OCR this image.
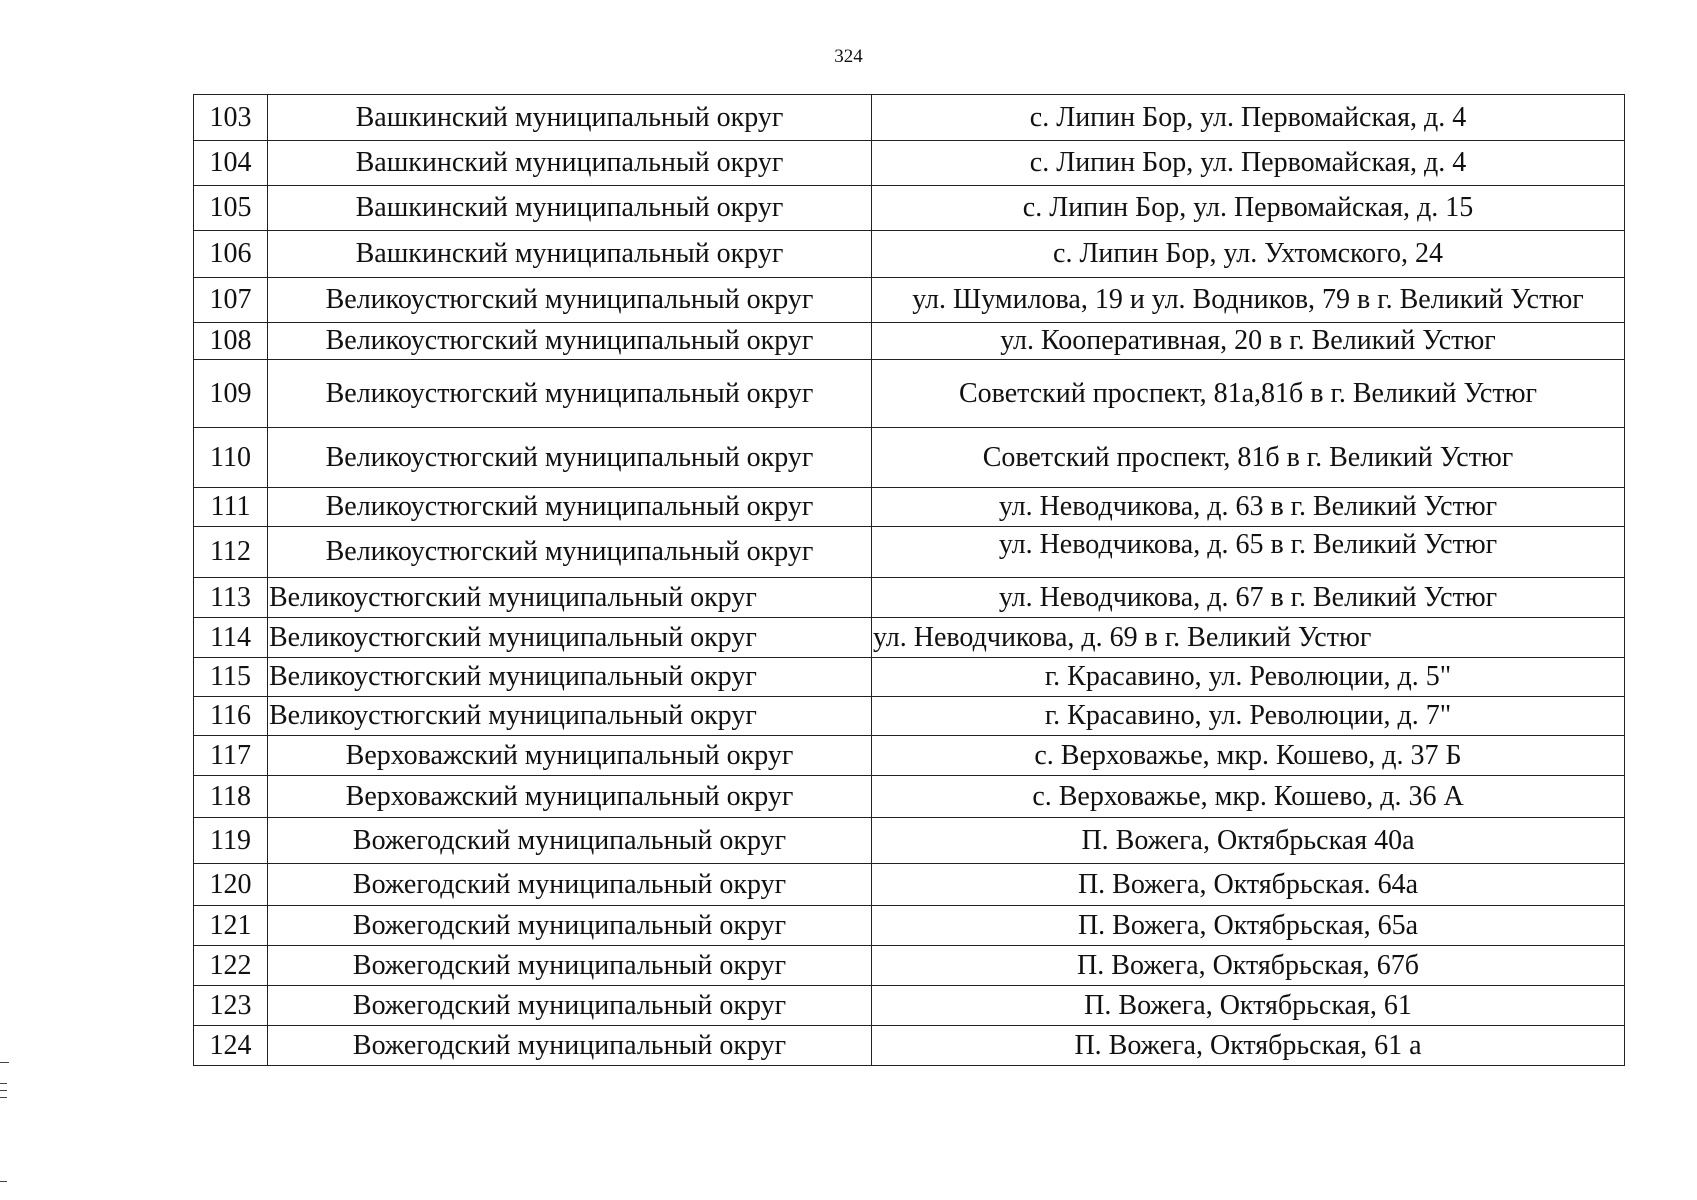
324
103	Вашкинский муниципальный округ	с. Липин Бор, ул. Первомайская, д. 4
104	Вашкинский муниципальный округ	с. Липин Бор, ул. Первомайская, д. 4
105	Вашкинский муниципальный округ	с. Липин Бор, ул. Первомайская, д. 15
106	Вашкинский муниципальный округ	с. Липин Бор, ул. Ухтомского, 24
107	Великоустюгский муниципальный округ	ул. Шумилова, 19 и ул. Водников, 79 в г. Великий Устюг
108	Великоустюгский муниципальный округ	ул. Кооперативная, 20 в г. Великий Устюг
109	Великоустюгский муниципальный округ	Советский проспект, 81а,81б в г. Великий Устюг
110	Великоустюгский муниципальный округ	Советский проспект, 81б в г. Великий Устюг
111	Великоустюгский муниципальный округ	ул. Неводчикова, д. 63 в г. Великий Устюг
112	Великоустюгский муниципальный округ	ул. Неводчикова, д. 65 в г. Великий Устюг
113	Великоустюгский муниципальный округ	ул. Неводчикова, д. 67 в г. Великий Устюг
114	Великоустюгский муниципальный округ	ул. Неводчикова, д. 69 в г. Великий Устюг
115	Великоустюгский муниципальный округ	г. Красавино, ул. Революции, д. 5"
116	Великоустюгский муниципальный округ	г. Красавино, ул. Революции, д. 7"
117	Верховажский муниципальный округ	с. Верховажье, мкр. Кошево, д. 37 Б
118	Верховажский муниципальный округ	с. Верховажье, мкр. Кошево, д. 36 А
119	Вожегодский муниципальный округ	П. Вожега, Октябрьская 40а
120	Вожегодский муниципальный округ	П. Вожега, Октябрьская. 64а
121	Вожегодский муниципальный округ	П. Вожега, Октябрьская, 65а
122	Вожегодский муниципальный округ	П. Вожега, Октябрьская, 67б
123	Вожегодский муниципальный округ	П. Вожега, Октябрьская, 61
124	Вожегодский муниципальный округ	П. Вожега, Октябрьская, 61 а
